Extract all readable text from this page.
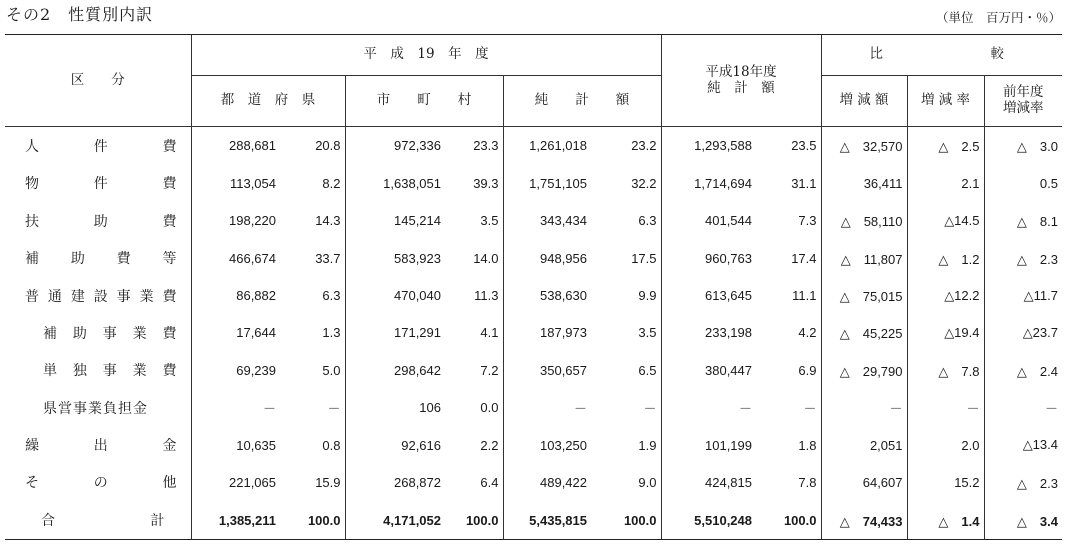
その2　性質別内訳	（単位　百万円・％）
区　　分	平　成　19　年　度						平成18年度
純　計　額		比 較		

	都　道　府　県		市　　町　　村		純　　計　　額				増 減 額	増 減 率	前年度
増減率
人件費	288,681	20.8	972,336	23.3	1,261,018	23.2	1,293,588	23.5	△　32,570	△　2.5	△　3.0
物件費	113,054	8.2	1,638,051	39.3	1,751,105	32.2	1,714,694	31.1	36,411	2.1	0.5
扶助費	198,220	14.3	145,214	3.5	343,434	6.3	401,544	7.3	△　58,110	△14.5	△　8.1
補助費等	466,674	33.7	583,923	14.0	948,956	17.5	960,763	17.4	△　11,807	△　1.2	△　2.3
普通建設事業費	86,882	6.3	470,040	11.3	538,630	9.9	613,645	11.1	△　75,015	△12.2	△11.7
補助事業費	17,644	1.3	171,291	4.1	187,973	3.5	233,198	4.2	△　45,225	△19.4	△23.7
単独事業費	69,239	5.0	298,642	7.2	350,657	6.5	380,447	6.9	△　29,790	△　7.8	△　2.4
県営事業負担金	－	－	106	0.0	－	－	－	－	－	－	－
繰出金	10,635	0.8	92,616	2.2	103,250	1.9	101,199	1.8	2,051	2.0	△13.4
その他	221,065	15.9	268,872	6.4	489,422	9.0	424,815	7.8	64,607	15.2	△　2.3
合計	1,385,211	100.0	4,171,052	100.0	5,435,815	100.0	5,510,248	100.0	△　74,433	△　1.4	△　3.4
